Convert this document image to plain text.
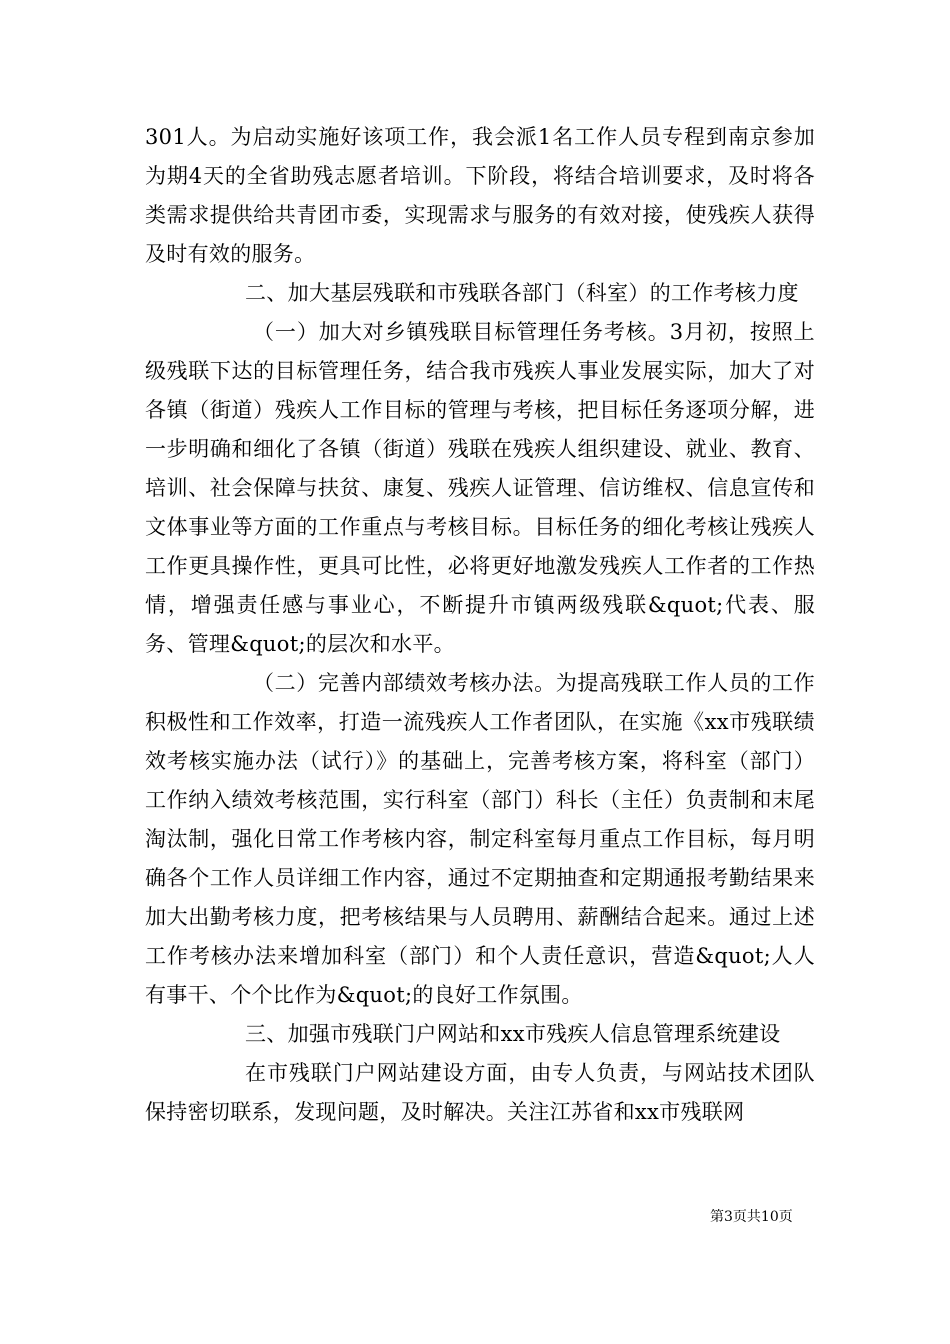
301人。为启动实施好该项工作，我会派1名工作人员专程到南京参加为期4天的全省助残志愿者培训。下阶段，将结合培训要求，及时将各类需求提供给共青团市委，实现需求与服务的有效对接，使残疾人获得及时有效的服务。

二、加大基层残联和市残联各部门（科室）的工作考核力度

（一）加大对乡镇残联目标管理任务考核。3月初，按照上级残联下达的目标管理任务，结合我市残疾人事业发展实际，加大了对各镇（街道）残疾人工作目标的管理与考核，把目标任务逐项分解，进一步明确和细化了各镇（街道）残联在残疾人组织建设、就业、教育、培训、社会保障与扶贫、康复、残疾人证管理、信访维权、信息宣传和文体事业等方面的工作重点与考核目标。目标任务的细化考核让残疾人工作更具操作性，更具可比性，必将更好地激发残疾人工作者的工作热情，增强责任感与事业心，不断提升市镇两级残联&quot;代表、服务、管理&quot;的层次和水平。

（二）完善内部绩效考核办法。为提高残联工作人员的工作积极性和工作效率，打造一流残疾人工作者团队，在实施《xx市残联绩效考核实施办法（试行）》的基础上，完善考核方案，将科室（部门）工作纳入绩效考核范围，实行科室（部门）科长（主任）负责制和末尾淘汰制，强化日常工作考核内容，制定科室每月重点工作目标，每月明确各个工作人员详细工作内容，通过不定期抽查和定期通报考勤结果来加大出勤考核力度，把考核结果与人员聘用、薪酬结合起来。通过上述工作考核办法来增加科室（部门）和个人责任意识，营造&quot;人人有事干、个个比作为&quot;的良好工作氛围。

三、加强市残联门户网站和xx市残疾人信息管理系统建设

在市残联门户网站建设方面，由专人负责，与网站技术团队保持密切联系，发现问题，及时解决。关注江苏省和xx市残联网

第3页共10页
